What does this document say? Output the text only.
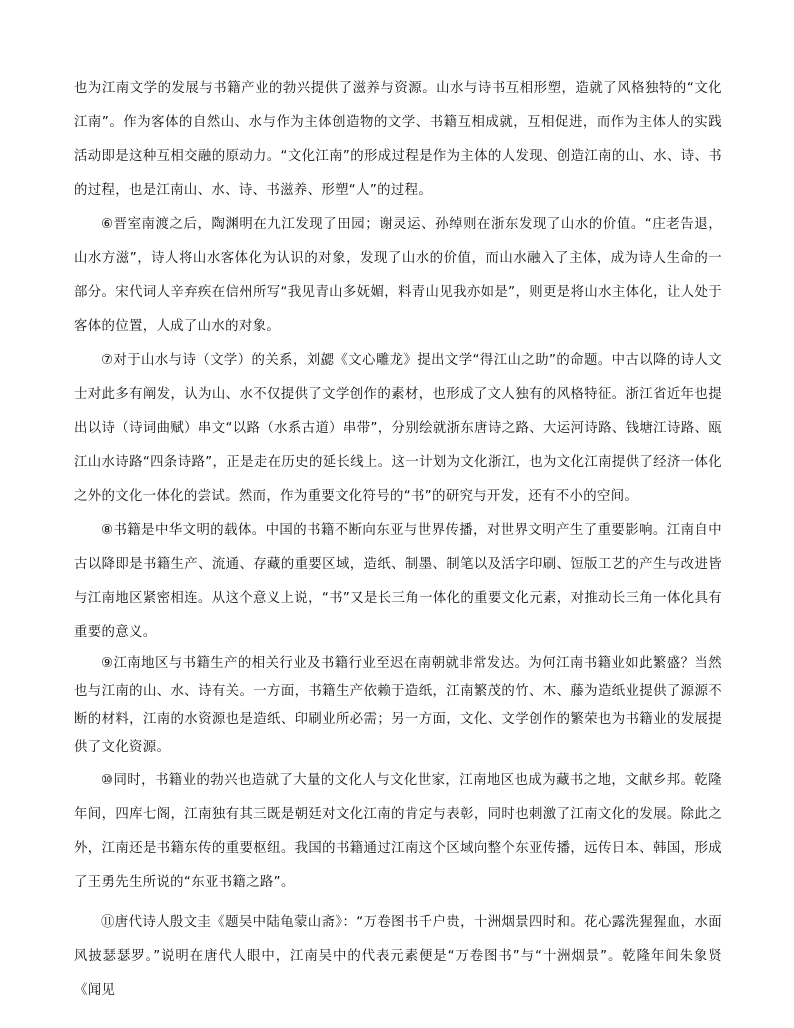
也为江南文学的发展与书籍产业的勃兴提供了滋养与资源。山水与诗书互相形塑，造就了风格独特的“文化江南”。作为客体的自然山、水与作为主体创造物的文学、书籍互相成就，互相促进，而作为主体人的实践活动即是这种互相交融的原动力。“文化江南”的形成过程是作为主体的人发现、创造江南的山、水、诗、书的过程，也是江南山、水、诗、书滋养、形塑“人”的过程。

⑥晋室南渡之后，陶渊明在九江发现了田园；谢灵运、孙绰则在浙东发现了山水的价值。“庄老告退，山水方滋”，诗人将山水客体化为认识的对象，发现了山水的价值，而山水融入了主体，成为诗人生命的一部分。宋代词人辛弃疾在信州所写“我见青山多妩媚，料青山见我亦如是”，则更是将山水主体化，让人处于客体的位置，人成了山水的对象。

⑦对于山水与诗（文学）的关系，刘勰《文心雕龙》提出文学“得江山之助”的命题。中古以降的诗人文士对此多有阐发，认为山、水不仅提供了文学创作的素材，也形成了文人独有的风格特征。浙江省近年也提出以诗（诗词曲赋）串文“以路（水系古道）串带”，分别绘就浙东唐诗之路、大运河诗路、钱塘江诗路、瓯江山水诗路“四条诗路”，正是走在历史的延长线上。这一计划为文化浙江，也为文化江南提供了经济一体化之外的文化一体化的尝试。然而，作为重要文化符号的“书”的研究与开发，还有不小的空间。

⑧书籍是中华文明的载体。中国的书籍不断向东亚与世界传播，对世界文明产生了重要影响。江南自中古以降即是书籍生产、流通、存藏的重要区域，造纸、制墨、制笔以及活字印刷、饾版工艺的产生与改进皆与江南地区紧密相连。从这个意义上说，“书”又是长三角一体化的重要文化元素，对推动长三角一体化具有重要的意义。

⑨江南地区与书籍生产的相关行业及书籍行业至迟在南朝就非常发达。为何江南书籍业如此繁盛？当然也与江南的山、水、诗有关。一方面，书籍生产依赖于造纸，江南繁茂的竹、木、藤为造纸业提供了源源不断的材料，江南的水资源也是造纸、印刷业所必需；另一方面，文化、文学创作的繁荣也为书籍业的发展提供了文化资源。

⑩同时，书籍业的勃兴也造就了大量的文化人与文化世家，江南地区也成为藏书之地，文献乡邦。乾隆年间，四库七阁，江南独有其三既是朝廷对文化江南的肯定与表彰，同时也刺激了江南文化的发展。除此之外，江南还是书籍东传的重要枢纽。我国的书籍通过江南这个区域向整个东亚传播，远传日本、韩国，形成了王勇先生所说的“东亚书籍之路”。

⑪唐代诗人殷文圭《题吴中陆龟蒙山斋》：“万卷图书千户贵，十洲烟景四时和。花心露洗猩猩血，水面风披瑟瑟罗。”说明在唐代人眼中，江南吴中的代表元素便是“万卷图书”与“十洲烟景”。乾隆年间朱象贤《闻见
